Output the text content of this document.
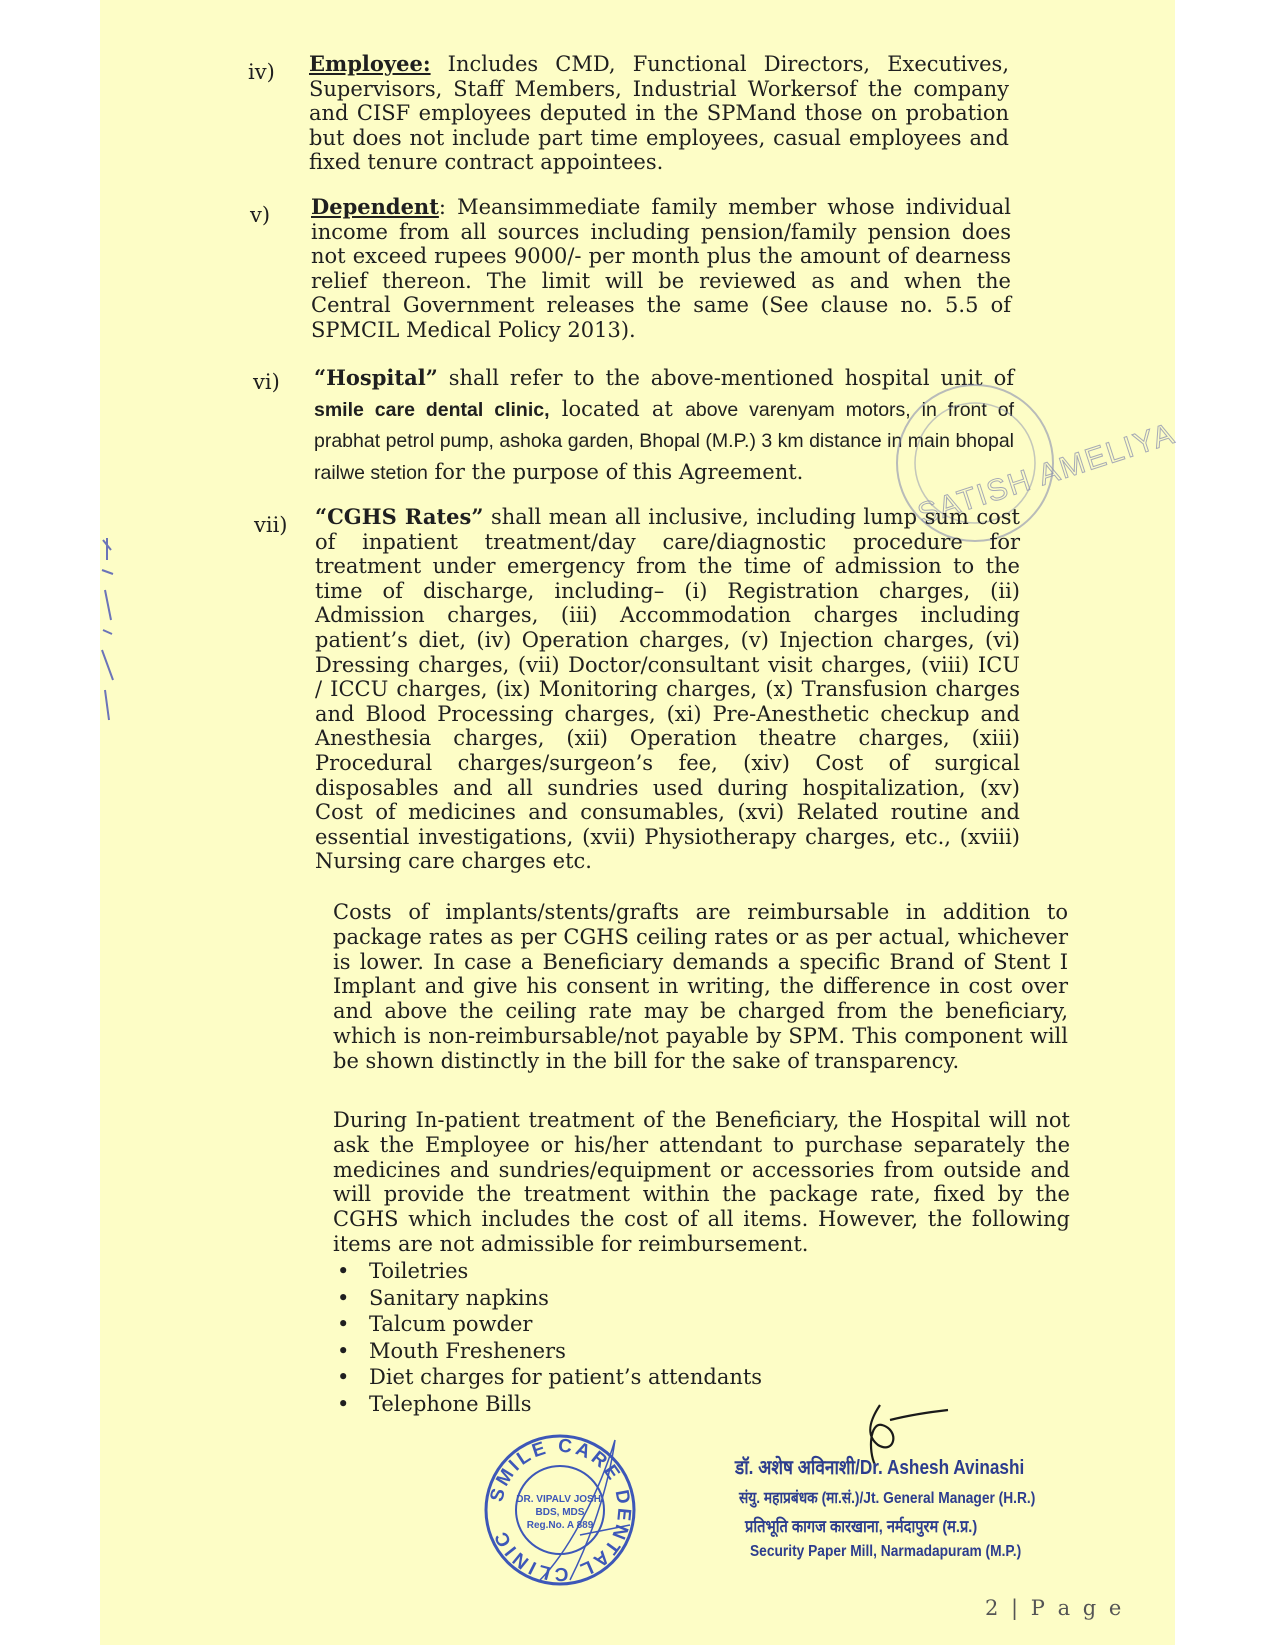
iv) Employee: Includes CMD, Functional Directors, Executives, Supervisors, Staff Members, Industrial Workersof the company and CISF employees deputed in the SPMand those on probation but does not include part time employees, casual employees and fixed tenure contract appointees.
v) Dependent: Meansimmediate family member whose individual income from all sources including pension/family pension does not exceed rupees 9000/- per month plus the amount of dearness relief thereon. The limit will be reviewed as and when the Central Government releases the same (See clause no. 5.5 of SPMCIL Medical Policy 2013).
vi) “Hospital” shall refer to the above-mentioned hospital unit of smile care dental clinic, located at above varenyam motors, in front of prabhat petrol pump, ashoka garden, Bhopal (M.P.) 3 km distance in main bhopal railwe stetion for the purpose of this Agreement.	SATISH AMELIYA
vii) “CGHS Rates” shall mean all inclusive, including lump sum cost of inpatient treatment/day care/diagnostic procedure for treatment under emergency from the time of admission to the time of discharge, including– (i) Registration charges, (ii) Admission charges, (iii) Accommodation charges including patient’s diet, (iv) Operation charges, (v) Injection charges, (vi) Dressing charges, (vii) Doctor/consultant visit charges, (viii) ICU / ICCU charges, (ix) Monitoring charges, (x) Transfusion charges and Blood Processing charges, (xi) Pre-Anesthetic checkup and Anesthesia charges, (xii) Operation theatre charges, (xiii) Procedural charges/surgeon’s fee, (xiv) Cost of surgical disposables and all sundries used during hospitalization, (xv) Cost of medicines and consumables, (xvi) Related routine and essential investigations, (xvii) Physiotherapy charges, etc., (xviii) Nursing care charges etc.
Costs of implants/stents/grafts are reimbursable in addition to package rates as per CGHS ceiling rates or as per actual, whichever is lower. In case a Beneficiary demands a specific Brand of Stent I Implant and give his consent in writing, the difference in cost over and above the ceiling rate may be charged from the beneficiary, which is non-reimbursable/not payable by SPM. This component will be shown distinctly in the bill for the sake of transparency.
During In-patient treatment of the Beneficiary, the Hospital will not ask the Employee or his/her attendant to purchase separately the medicines and sundries/equipment or accessories from outside and will provide the treatment within the package rate, fixed by the CGHS which includes the cost of all items. However, the following items are not admissible for reimbursement.
• Toiletries
• Sanitary napkins
• Talcum powder
• Mouth Fresheners
• Diet charges for patient’s attendants
• Telephone Bills
SMILE CARE DENTAL CLINIC
DR. VIPALV JOSHI
BDS, MDS
Reg.No. A 889
डॉ. अशेष अविनाशी/Dr. Ashesh Avinashi
संयु. महाप्रबंधक (मा.सं.)/Jt. General Manager (H.R.)
प्रतिभूति कागज कारखाना, नर्मदापुरम (म.प्र.)
Security Paper Mill, Narmadapuram (M.P.)
2 | P a g e
